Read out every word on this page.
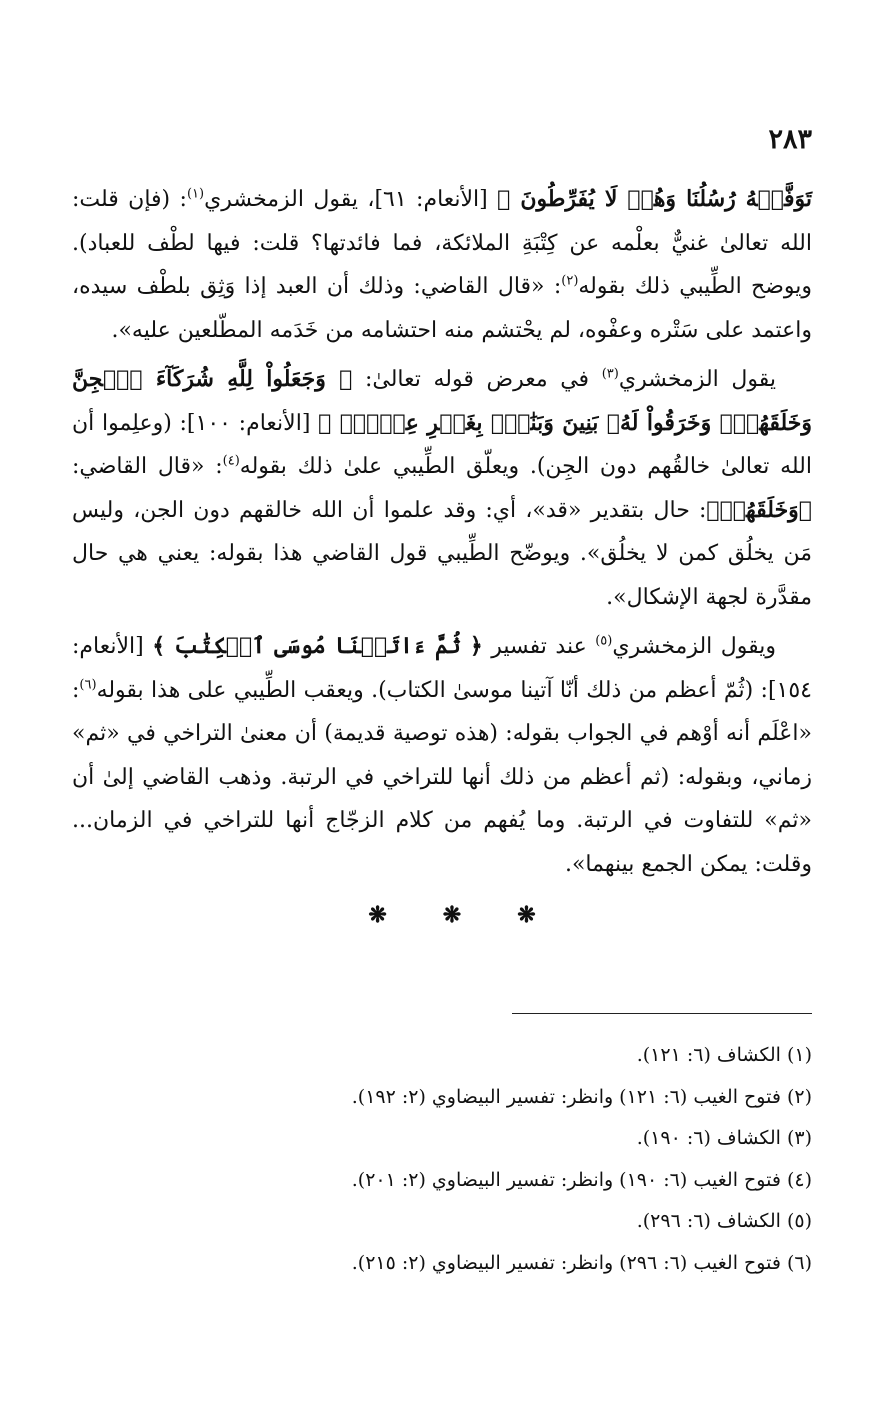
٢٨٣

تَوَفَّتۡهُ رُسُلُنَا وَهُمۡ لَا يُفَرِّطُونَ ﴾ [الأنعام: ٦١]، يقول الزمخشري$^{(١)}$: (فإن قلت: الله تعالىٰ غنيٌّ بعلْمه عن كِتْبَةِ الملائكة، فما فائدتها؟ قلت: فيها لطْف للعباد). ويوضح الطِّيبي ذلك بقوله$^{(٢)}$: «قال القاضي: وذلك أن العبد إذا وَثِق بلطْف سيده، واعتمد على سَتْره وعفْوه، لم يحْتشم منه احتشامه من خَدَمه المطّلعين عليه».

يقول الزمخشري$^{(٣)}$ في معرض قوله تعالىٰ: ﴿ وَجَعَلُواْ لِلَّهِ شُرَكَآءَ ٱلۡجِنَّ وَخَلَقَهُمۡۖ وَخَرَقُواْ لَهُۥ بَنِينَ وَبَنَٰتِۭ بِغَيۡرِ عِلۡمٖۚ ﴾ [الأنعام: ١٠٠]: (وعلِموا أن الله تعالىٰ خالقُهم دون الجِن). ويعلّق الطِّيبي علىٰ ذلك بقوله$^{(٤)}$: «قال القاضي: ﴿وَخَلَقَهُمۡ﴾: حال بتقدير «قد»، أي: وقد علموا أن الله خالقهم دون الجن، وليس مَن يخلُق كمن لا يخلُق». ويوضّح الطِّيبي قول القاضي هذا بقوله: يعني هي حال مقدَّرة لجهة الإشكال».

ويقول الزمخشري$^{(٥)}$ عند تفسير ﴿ ثُمَّ ءَاتَيۡنَا مُوسَى ٱلۡكِتَٰبَ ﴾ [الأنعام: ١٥٤]: (ثُمّ أعظم من ذلك أنّا آتينا موسىٰ الكتاب). ويعقب الطِّيبي على هذا بقوله$^{(٦)}$: «اعْلَم أنه أوْهم في الجواب بقوله: (هذه توصية قديمة) أن معنىٰ التراخي في «ثم» زماني، وبقوله: (ثم أعظم من ذلك أنها للتراخي في الرتبة. وذهب القاضي إلىٰ أن «ثم» للتفاوت في الرتبة. وما يُفهم من كلام الزجّاج أنها للتراخي في الزمان... وقلت: يمكن الجمع بينهما».

❋
❋
❋
(١) الكشاف (٦: ١٢١).
(٢) فتوح الغيب (٦: ١٢١) وانظر: تفسير البيضاوي (٢: ١٩٢).
(٣) الكشاف (٦: ١٩٠).
(٤) فتوح الغيب (٦: ١٩٠) وانظر: تفسير البيضاوي (٢: ٢٠١).
(٥) الكشاف (٦: ٢٩٦).
(٦) فتوح الغيب (٦: ٢٩٦) وانظر: تفسير البيضاوي (٢: ٢١٥).
